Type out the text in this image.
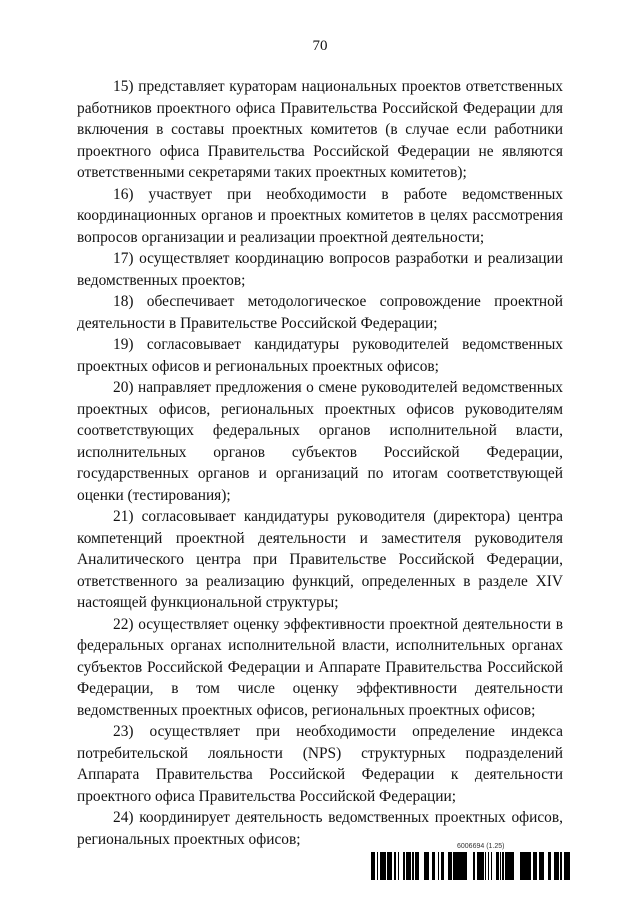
70

15) представляет кураторам национальных проектов ответственных работников проектного офиса Правительства Российской Федерации для включения в составы проектных комитетов (в случае если работники проектного офиса Правительства Российской Федерации не являются ответственными секретарями таких проектных комитетов);

16) участвует при необходимости в работе ведомственных координационных органов и проектных комитетов в целях рассмотрения вопросов организации и реализации проектной деятельности;

17) осуществляет координацию вопросов разработки и реализации ведомственных проектов;

18) обеспечивает методологическое сопровождение проектной деятельности в Правительстве Российской Федерации;

19) согласовывает кандидатуры руководителей ведомственных проектных офисов и региональных проектных офисов;

20) направляет предложения о смене руководителей ведомственных проектных офисов, региональных проектных офисов руководителям соответствующих федеральных органов исполнительной власти, исполнительных органов субъектов Российской Федерации, государственных органов и организаций по итогам соответствующей оценки (тестирования);

21) согласовывает кандидатуры руководителя (директора) центра компетенций проектной деятельности и заместителя руководителя Аналитического центра при Правительстве Российской Федерации, ответственного за реализацию функций, определенных в разделе XIV настоящей функциональной структуры;

22) осуществляет оценку эффективности проектной деятельности в федеральных органах исполнительной власти, исполнительных органах субъектов Российской Федерации и Аппарате Правительства Российской Федерации, в том числе оценку эффективности деятельности ведомственных проектных офисов, региональных проектных офисов;

23) осуществляет при необходимости определение индекса потребительской лояльности (NPS) структурных подразделений Аппарата Правительства Российской Федерации к деятельности проектного офиса Правительства Российской Федерации;

24) координирует деятельность ведомственных проектных офисов, региональных проектных офисов;	6006694 (1.25)
